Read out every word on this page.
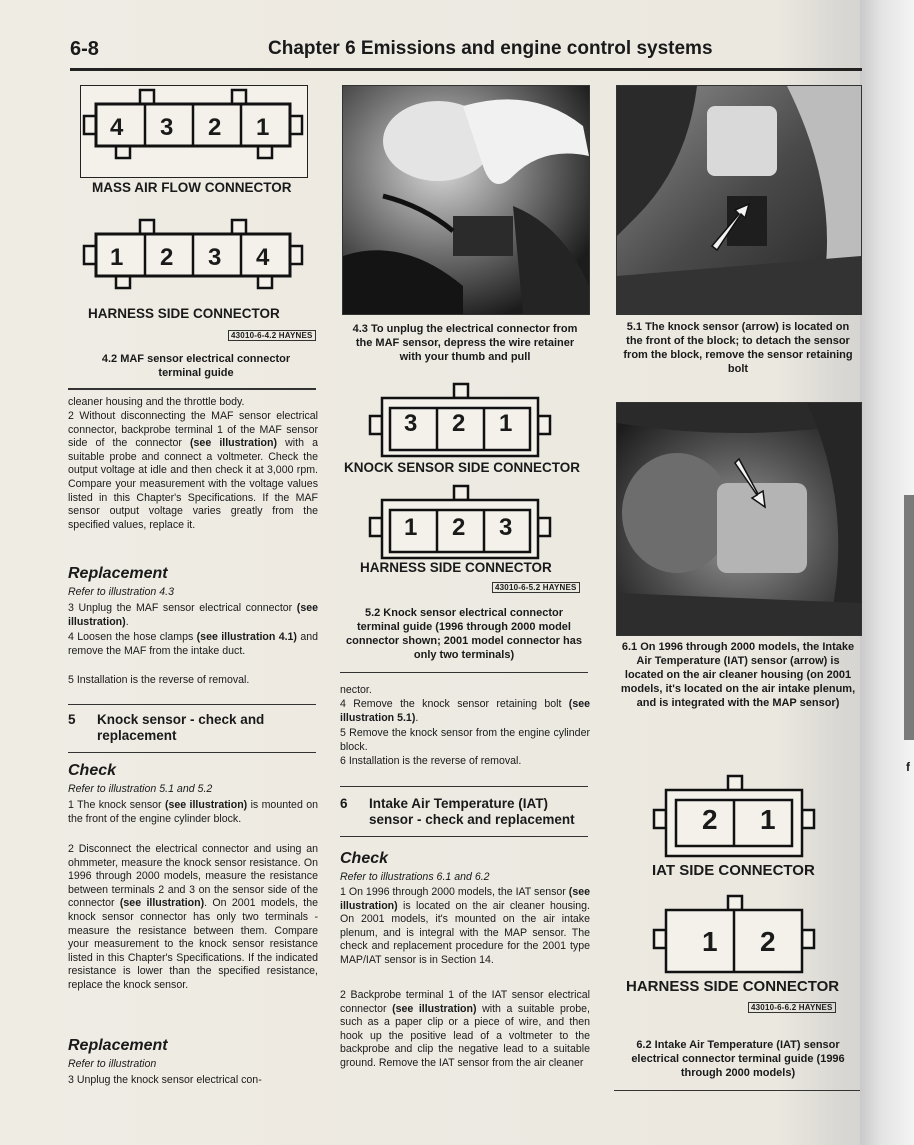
f
6-8	Chapter 6 Emissions and engine control systems
4 3 2 1
MASS AIR FLOW CONNECTOR
1 2 3 4
HARNESS SIDE CONNECTOR
43010-6-4.2 HAYNES
4.2 MAF sensor electrical connector terminal guide
cleaner housing and the throttle body.
2 Without disconnecting the MAF sensor electrical connector, backprobe terminal 1 of the MAF sensor side of the connector (see illustration) with a suitable probe and connect a voltmeter. Check the output voltage at idle and then check it at 3,000 rpm. Compare your measurement with the voltage values listed in this Chapter's Specifications. If the MAF sensor output voltage varies greatly from the specified values, replace it.
Replacement
Refer to illustration 4.3
3 Unplug the MAF sensor electrical connector (see illustration).
4 Loosen the hose clamps (see illustration 4.1) and remove the MAF from the intake duct.
5 Installation is the reverse of removal.
5 Knock sensor - check and replacement
Check
Refer to illustration 5.1 and 5.2
1 The knock sensor (see illustration) is mounted on the front of the engine cylinder block.
2 Disconnect the electrical connector and using an ohmmeter, measure the knock sensor resistance. On 1996 through 2000 models, measure the resistance between terminals 2 and 3 on the sensor side of the connector (see illustration). On 2001 models, the knock sensor connector has only two terminals - measure the resistance between them. Compare your measurement to the knock sensor resistance listed in this Chapter's Specifications. If the indicated resistance is lower than the specified resistance, replace the knock sensor.
Replacement
Refer to illustration
3 Unplug the knock sensor electrical con-
4.3 To unplug the electrical connector from the MAF sensor, depress the wire retainer with your thumb and pull
3 2 1
KNOCK SENSOR SIDE CONNECTOR
1 2 3
HARNESS SIDE CONNECTOR
43010-6-5.2 HAYNES
5.2 Knock sensor electrical connector terminal guide (1996 through 2000 model connector shown; 2001 model connector has only two terminals)
nector.
4 Remove the knock sensor retaining bolt (see illustration 5.1).
5 Remove the knock sensor from the engine cylinder block.
6 Installation is the reverse of removal.
6 Intake Air Temperature (IAT) sensor - check and replacement
Check
Refer to illustrations 6.1 and 6.2
1 On 1996 through 2000 models, the IAT sensor (see illustration) is located on the air cleaner housing. On 2001 models, it's mounted on the air intake plenum, and is integral with the MAP sensor. The check and replacement procedure for the 2001 type MAP/IAT sensor is in Section 14.
2 Backprobe terminal 1 of the IAT sensor electrical connector (see illustration) with a suitable probe, such as a paper clip or a piece of wire, and then hook up the positive lead of a voltmeter to the backprobe and clip the negative lead to a suitable ground. Remove the IAT sensor from the air cleaner
5.1 The knock sensor (arrow) is located on the front of the block; to detach the sensor from the block, remove the sensor retaining bolt
6.1 On 1996 through 2000 models, the Intake Air Temperature (IAT) sensor (arrow) is located on the air cleaner housing (on 2001 models, it's located on the air intake plenum, and is integrated with the MAP sensor)
2 1
IAT SIDE CONNECTOR
1 2
HARNESS SIDE CONNECTOR
43010-6-6.2 HAYNES
6.2 Intake Air Temperature (IAT) sensor electrical connector terminal guide (1996 through 2000 models)
